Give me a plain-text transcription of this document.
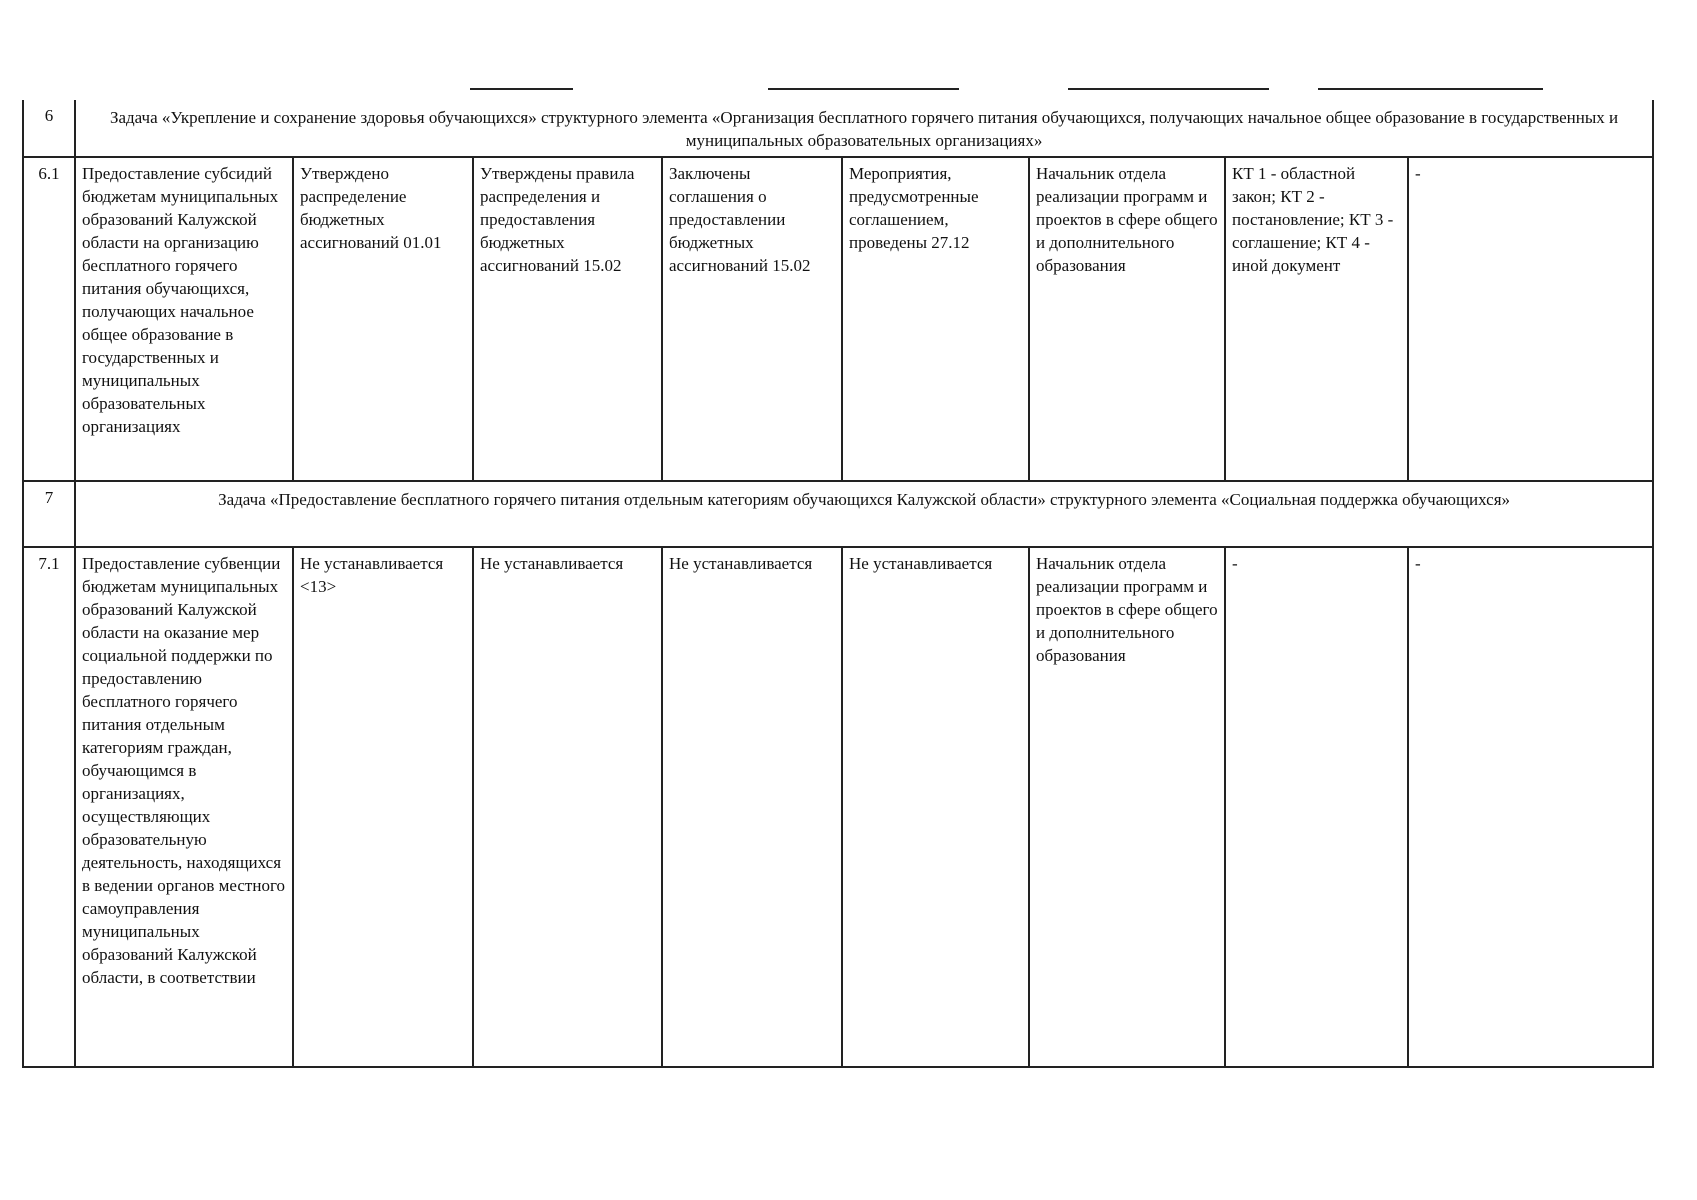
6	Задача «Укрепление и сохранение здоровья обучающихся» структурного элемента «Организация бесплатного горячего питания обучающихся, получающих начальное общее образование в государственных и муниципальных образовательных организациях»							
6.1	Предоставление субсидий бюджетам муниципальных образований Калужской области на организацию бесплатного горячего питания обучающихся, получающих начальное общее образование в государственных и муниципальных образовательных организациях	Утверждено распределение бюджетных ассигнований 01.01	Утверждены правила распределения и предоставления бюджетных ассигнований 15.02	Заключены соглашения о предоставлении бюджетных ассигнований 15.02	Мероприятия, предусмотренные соглашением, проведены 27.12	Начальник отдела реализации программ и проектов в сфере общего и дополнительного образования	КТ 1 - областной закон; КТ 2 - постановление; КТ 3 - соглашение; КТ 4 - иной документ	-
7	Задача «Предоставление бесплатного горячего питания отдельным категориям обучающихся Калужской области» структурного элемента «Социальная поддержка обучающихся»							
7.1	Предоставление субвенции бюджетам муниципальных образований Калужской области на оказание мер социальной поддержки по предоставлению бесплатного горячего питания отдельным категориям граждан, обучающимся в организациях, осуществляющих образовательную деятельность, находящихся в ведении органов местного самоуправления муниципальных образований Калужской области, в соответствии	Не устанавливается <13>	Не устанавливается	Не устанавливается	Не устанавливается	Начальник отдела реализации программ и проектов в сфере общего и дополнительного образования	-	-
